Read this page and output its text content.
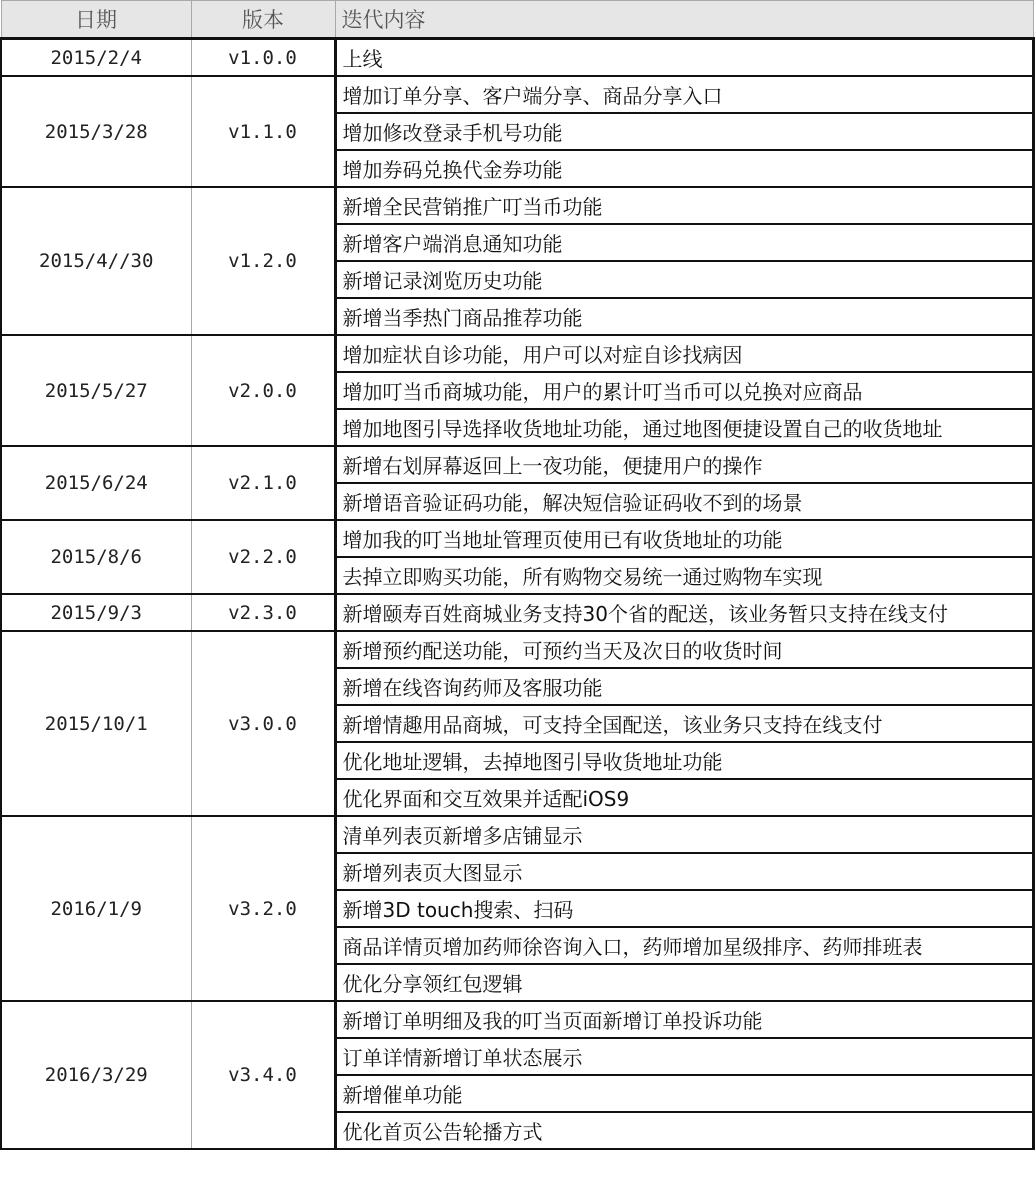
日期	版本	迭代内容
2015/2/4	v1.0.0	上线
2015/3/28	v1.1.0	增加订单分享、客户端分享、商品分享入口
		增加修改登录手机号功能
		增加券码兑换代金券功能
2015/4//30	v1.2.0	新增全民营销推广叮当币功能
		新增客户端消息通知功能
		新增记录浏览历史功能
		新增当季热门商品推荐功能
2015/5/27	v2.0.0	增加症状自诊功能，用户可以对症自诊找病因
		增加叮当币商城功能，用户的累计叮当币可以兑换对应商品
		增加地图引导选择收货地址功能，通过地图便捷设置自己的收货地址
2015/6/24	v2.1.0	新增右划屏幕返回上一夜功能，便捷用户的操作
		新增语音验证码功能，解决短信验证码收不到的场景
2015/8/6	v2.2.0	增加我的叮当地址管理页使用已有收货地址的功能
		去掉立即购买功能，所有购物交易统一通过购物车实现
2015/9/3	v2.3.0	新增颐寿百姓商城业务支持30个省的配送，该业务暂只支持在线支付
2015/10/1	v3.0.0	新增预约配送功能，可预约当天及次日的收货时间
		新增在线咨询药师及客服功能
		新增情趣用品商城，可支持全国配送，该业务只支持在线支付
		优化地址逻辑，去掉地图引导收货地址功能
		优化界面和交互效果并适配iOS9
2016/1/9	v3.2.0	清单列表页新增多店铺显示
		新增列表页大图显示
		新增3D touch搜索、扫码
		商品详情页增加药师徐咨询入口，药师增加星级排序、药师排班表
		优化分享领红包逻辑
2016/3/29	v3.4.0	新增订单明细及我的叮当页面新增订单投诉功能
		订单详情新增订单状态展示
		新增催单功能
		优化首页公告轮播方式
